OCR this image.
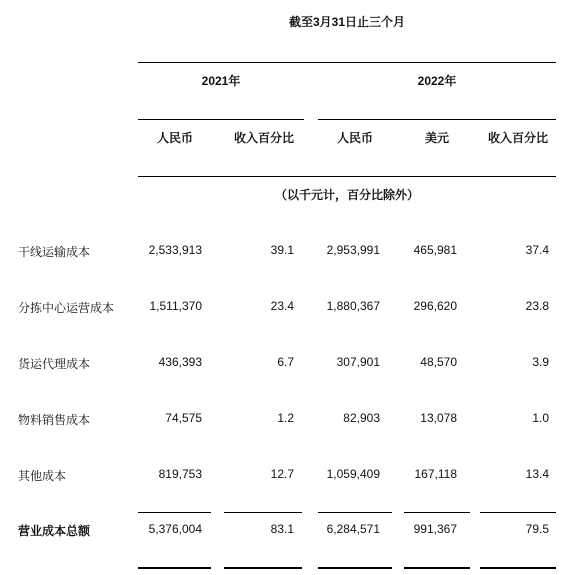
截至3月31日止三个月
2021年	2022年
人民币	收入百分比	人民币	美元	收入百分比
（以千元计，百分比除外）
干线运输成本	2,533,913	39.1	2,953,991	465,981	37.4
分拣中心运营成本	1,511,370	23.4	1,880,367	296,620	23.8
货运代理成本	436,393	6.7	307,901	48,570	3.9
物料销售成本	74,575	1.2	82,903	13,078	1.0
其他成本	819,753	12.7	1,059,409	167,118	13.4
营业成本总额	5,376,004	83.1	6,284,571	991,367	79.5
